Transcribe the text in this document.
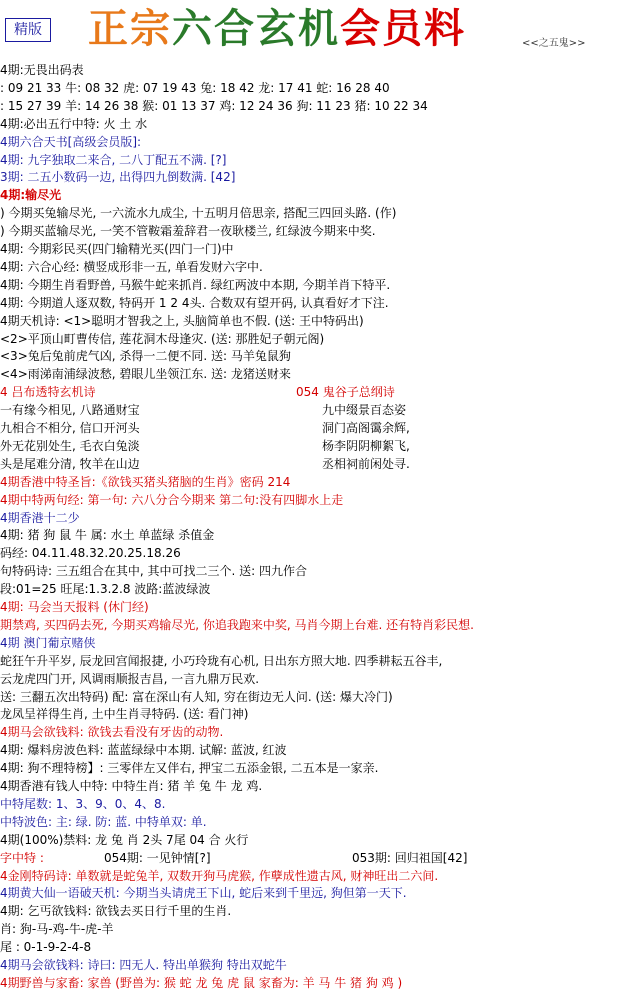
精版 正宗六合玄机会员料	<<之五鬼>>
4期:无畏出码表
: 09 21 33 牛: 08 32 虎: 07 19 43 兔: 18 42 龙: 17 41 蛇: 16 28 40
: 15 27 39 羊: 14 26 38 猴: 01 13 37 鸡: 12 24 36 狗: 11 23 猪: 10 22 34
4期:必出五行中特: 火 土 水
4期六合天书[高级会员版]:
4期: 九字独取二来合, 二八丁配五不满. [?]
3期: 二五小数码一边, 出得四九倒数满. [42]
4期:输尽光
) 今期买兔输尽光, 一六流水九成尘, 十五明月倍思亲, 搭配三四回头路. (作)
) 今期买蓝输尽光, 一笑不管鞍霜羞辞君一夜耿楼兰, 红绿波今期来中奖.
4期: 今期彩民买(四门输精光买(四门一门)中
4期: 六合心经: 横竖成形非一五, 单看发财六字中.
4期: 今期生肖看野兽, 马猴牛蛇来抓肖. 绿红两波中本期, 今期羊肖下特平.
4期: 今期道人逐双数, 特码开 1 2 4头. 合数双有望开码, 认真看好才下注.
4期天机诗: <1>聪明才智我之上, 头脑简单也不假. (送: 王中特码出)
<2>平顶山町曹传信, 莲花洞木母逢灾. (送: 那胜妃子朝元阁)
<3>兔后兔前虎气凶, 杀得一二便不同. 送: 马羊兔鼠狗
<4>雨涕南浦绿波愁, 碧眼儿坐领江东. 送: 龙猪送财来
4 吕布透特玄机诗	054 鬼谷子总纲诗
一有缘今相见, 八路通财宝	九中缀景百态姿
九相合不相分, 信口开河头	洞门高阁霭余辉,
外无花别处生, 毛衣白兔淡	杨李阴阴柳絮飞,
头是尾难分清, 牧羊在山边	丞相祠前闲处寻.
4期香港中特圣旨:《欲钱买猪头猪脑的生肖》密码 214
4期中特两句经: 第一句: 六八分合今期来 第二句:没有四脚水上走
4期香港十二少
4期: 猪 狗 鼠 牛 属: 水土 单蓝绿 杀值金
码经: 04.11.48.32.20.25.18.26
句特码诗: 三五组合在其中, 其中可找二三个. 送: 四九作合
段:01=25 旺尾:1.3.2.8 波路:蓝波绿波
4期: 马会当天报料 (休门经)
期禁鸡, 买四码去死, 今期买鸡输尽光, 你追我跑来中奖, 马肖今期上台难. 还有特肖彩民想.
4期 澳门葡京赌侠
蛇狂午升平岁, 辰龙回宫闻报捷, 小巧玲珑有心机, 日出东方照大地. 四季耕耘五谷丰,
云龙虎四门开, 风调雨顺报吉昌, 一言九鼎万民欢.
送: 三翻五次出特码) 配: 富在深山有人知, 穷在街边无人问. (送: 爆大冷门)
龙凤呈祥得生肖, 土中生肖寻特码. (送: 看门神)
4期马会欲钱料: 欲钱去看没有牙齿的动物.
4期: 爆料房波色料: 蓝蓝绿绿中本期. 试解: 蓝波, 红波
4期: 狗不理特榜】: 三零伴左又伴右, 押宝二五添金银, 二五本是一家亲.
4期香港有钱人中特: 中特生肖: 猪 羊 兔 牛 龙 鸡.
中特尾数: 1、3、9、0、4、8.
中特波色: 主: 绿. 防: 蓝. 中特单双: 单.
4期(100%)禁料: 龙 兔 肖 2头 7尾 04 合 火行
字中特 :	054期: 一见钟情[?]	053期: 回归祖国[42]
4金刚特码诗: 单数就是蛇兔羊, 双数开狗马虎猴, 作孽成性遗古风, 财神旺出二六间.
4期黄大仙一语破天机: 今期当头请虎王下山, 蛇后来到千里远, 狗但第一天下.
4期: 乞丐欲钱料: 欲钱去买日行千里的生肖.
肖: 狗-马-鸡-牛-虎-羊
尾 : 0-1-9-2-4-8
4期马会欲钱料: 诗曰: 四无人. 特出单猴狗 特出双蛇牛
4期野兽与家畜: 家兽 (野兽为: 猴 蛇 龙 兔 虎 鼠 家畜为: 羊 马 牛 猪 狗 鸡 )
